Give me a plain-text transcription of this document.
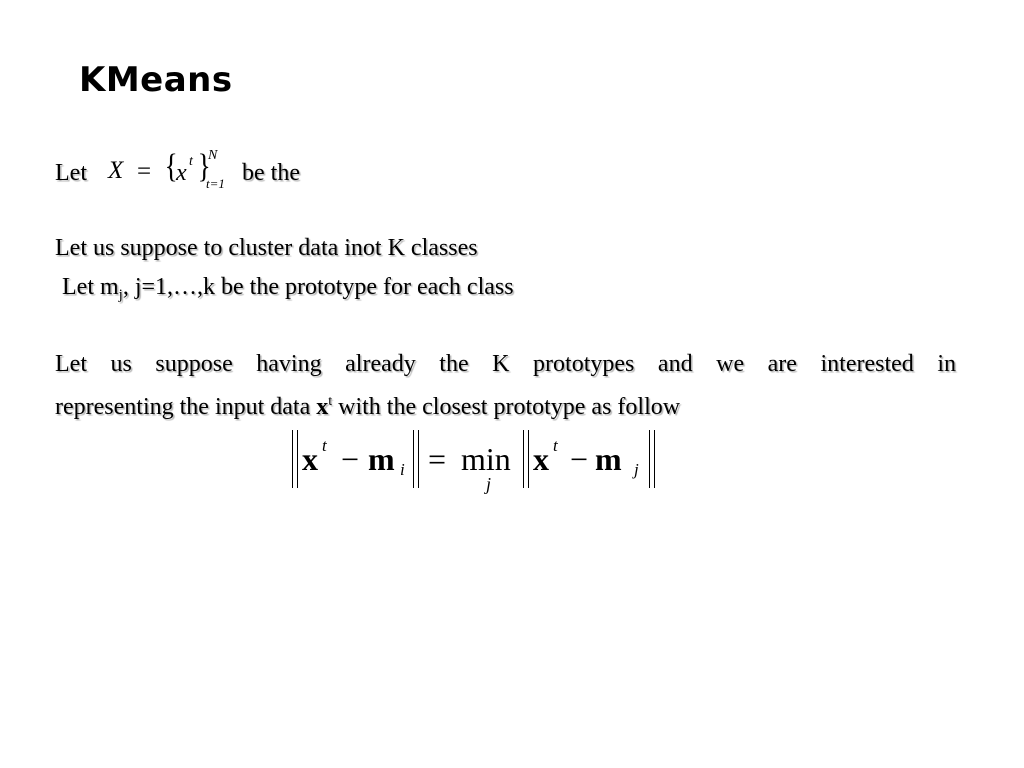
KMeans
Let X = {
x t }
N
t=1 be the
Let us suppose to cluster data inot K classes
Let $m_j$, j=1,…,k be the prototype for each class
Let us suppose having already the K prototypes and we are interested in
representing the input data $x^t$ with the closest prototype as follow
x t − m i = min
j
x t − m j
